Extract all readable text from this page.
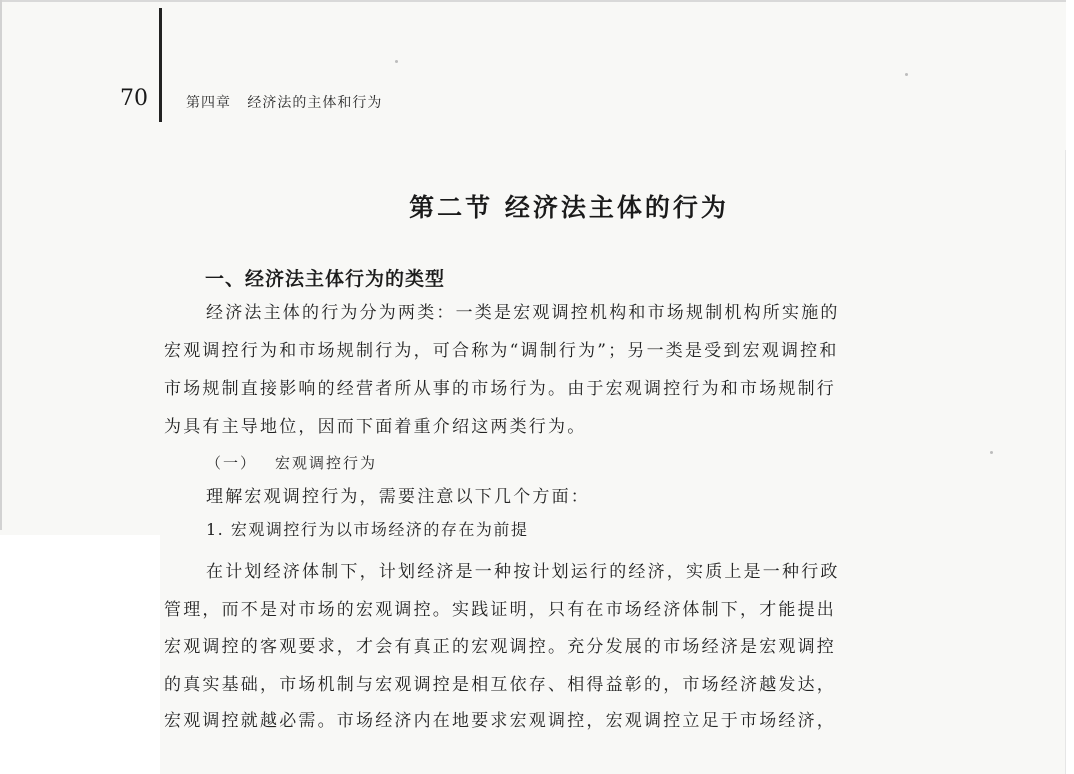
70	第四章   经济法的主体和行为
第二节 经济法主体的行为
一、经济法主体行为的类型
经济法主体的行为分为两类：一类是宏观调控机构和市场规制机构所实施的
宏观调控行为和市场规制行为，可合称为“调制行为”；另一类是受到宏观调控和
市场规制直接影响的经营者所从事的市场行为。由于宏观调控行为和市场规制行
为具有主导地位，因而下面着重介绍这两类行为。
（一） 宏观调控行为
理解宏观调控行为，需要注意以下几个方面：
1. 宏观调控行为以市场经济的存在为前提
在计划经济体制下，计划经济是一种按计划运行的经济，实质上是一种行政
管理，而不是对市场的宏观调控。实践证明，只有在市场经济体制下，才能提出
宏观调控的客观要求，才会有真正的宏观调控。充分发展的市场经济是宏观调控
的真实基础，市场机制与宏观调控是相互依存、相得益彰的，市场经济越发达，
宏观调控就越必需。市场经济内在地要求宏观调控，宏观调控立足于市场经济，
